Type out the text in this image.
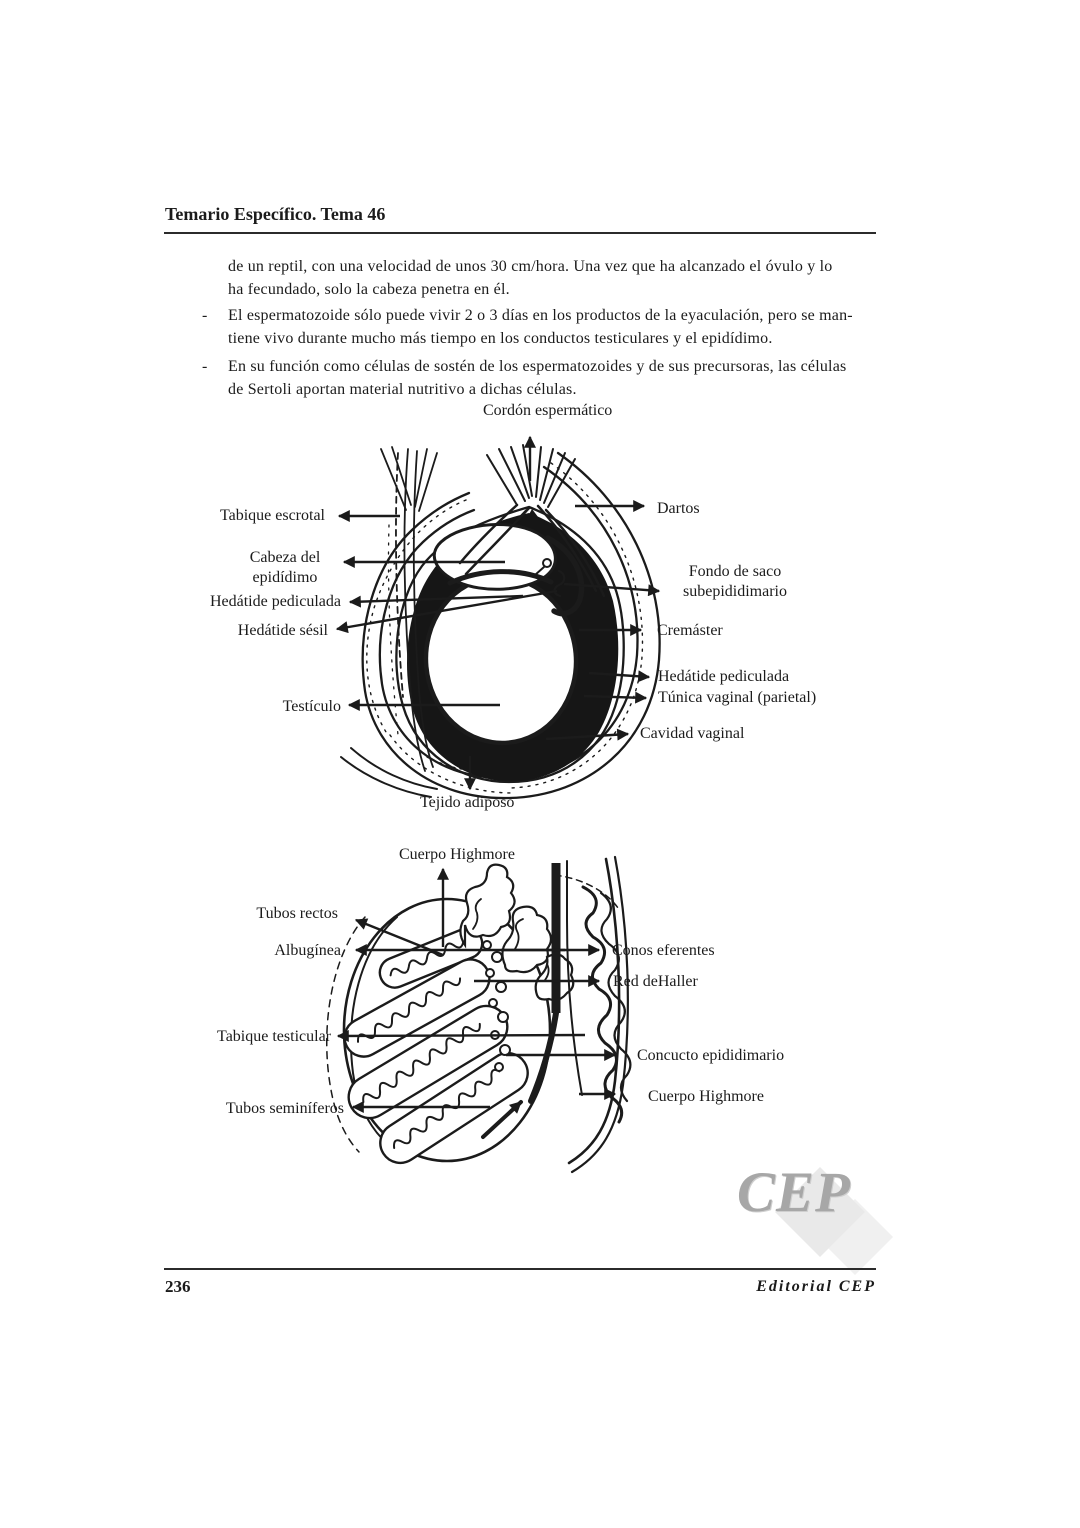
Temario Específico. Tema 46
de un reptil, con una velocidad de unos 30 cm/hora. Una vez que ha alcanzado el óvulo y lo
ha fecundado, solo la cabeza penetra en él.
- El espermatozoide sólo puede vivir 2 o 3 días en los productos de la eyaculación, pero se man-
tiene vivo durante mucho más tiempo en los conductos testiculares y el epidídimo.
- En su función como células de sostén de los espermatozoides y de sus precursoras, las células
de Sertoli aportan material nutritivo a dichas células.
Cordón espermático
Tabique escrotal
Cabeza del
epidídimo
Hedátide pediculada
Hedátide sésil
Testículo
Dartos
Fondo de saco
subepididimario
Cremáster
Hedátide pediculada
Túnica vaginal (parietal)
Cavidad vaginal
Tejido adiposo
Cuerpo Highmore
Tubos rectos
Albugínea
Tabique testicular
Tubos seminíferos
Conos eferentes
Red deHaller
Concucto epididimario
Cuerpo Highmore
CEP
236	Editorial CEP
